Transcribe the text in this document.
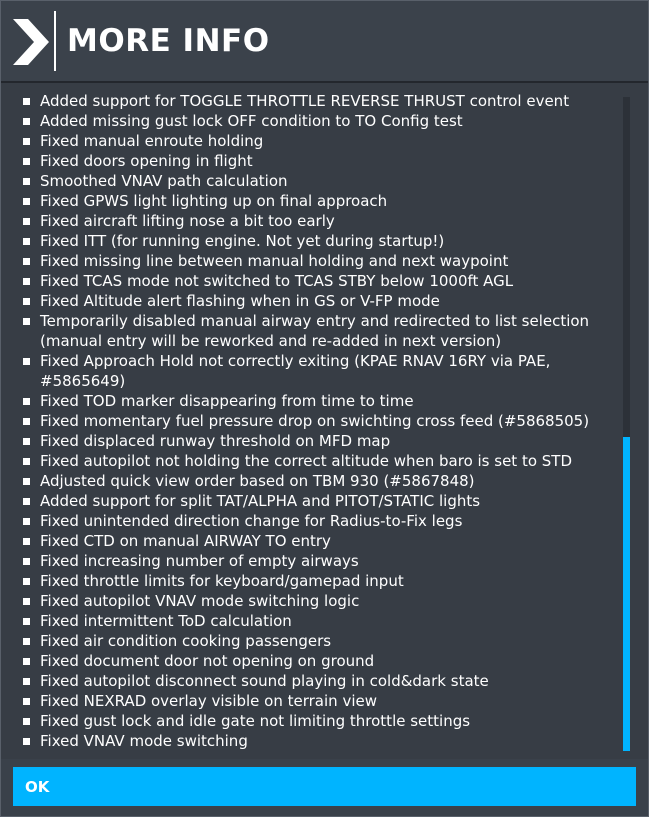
MORE INFO
Added support for TOGGLE THROTTLE REVERSE THRUST control event
Added missing gust lock OFF condition to TO Config test
Fixed manual enroute holding
Fixed doors opening in flight
Smoothed VNAV path calculation
Fixed GPWS light lighting up on final approach
Fixed aircraft lifting nose a bit too early
Fixed ITT (for running engine. Not yet during startup!)
Fixed missing line between manual holding and next waypoint
Fixed TCAS mode not switched to TCAS STBY below 1000ft AGL
Fixed Altitude alert flashing when in GS or V-FP mode
Temporarily disabled manual airway entry and redirected to list selection
(manual entry will be reworked and re-added in next version)
Fixed Approach Hold not correctly exiting (KPAE RNAV 16RY via PAE,
#5865649)
Fixed TOD marker disappearing from time to time
Fixed momentary fuel pressure drop on swichting cross feed (#5868505)
Fixed displaced runway threshold on MFD map
Fixed autopilot not holding the correct altitude when baro is set to STD
Adjusted quick view order based on TBM 930 (#5867848)
Added support for split TAT/ALPHA and PITOT/STATIC lights
Fixed unintended direction change for Radius-to-Fix legs
Fixed CTD on manual AIRWAY TO entry
Fixed increasing number of empty airways
Fixed throttle limits for keyboard/gamepad input
Fixed autopilot VNAV mode switching logic
Fixed intermittent ToD calculation
Fixed air condition cooking passengers
Fixed document door not opening on ground
Fixed autopilot disconnect sound playing in cold&dark state
Fixed NEXRAD overlay visible on terrain view
Fixed gust lock and idle gate not limiting throttle settings
Fixed VNAV mode switching
OK
